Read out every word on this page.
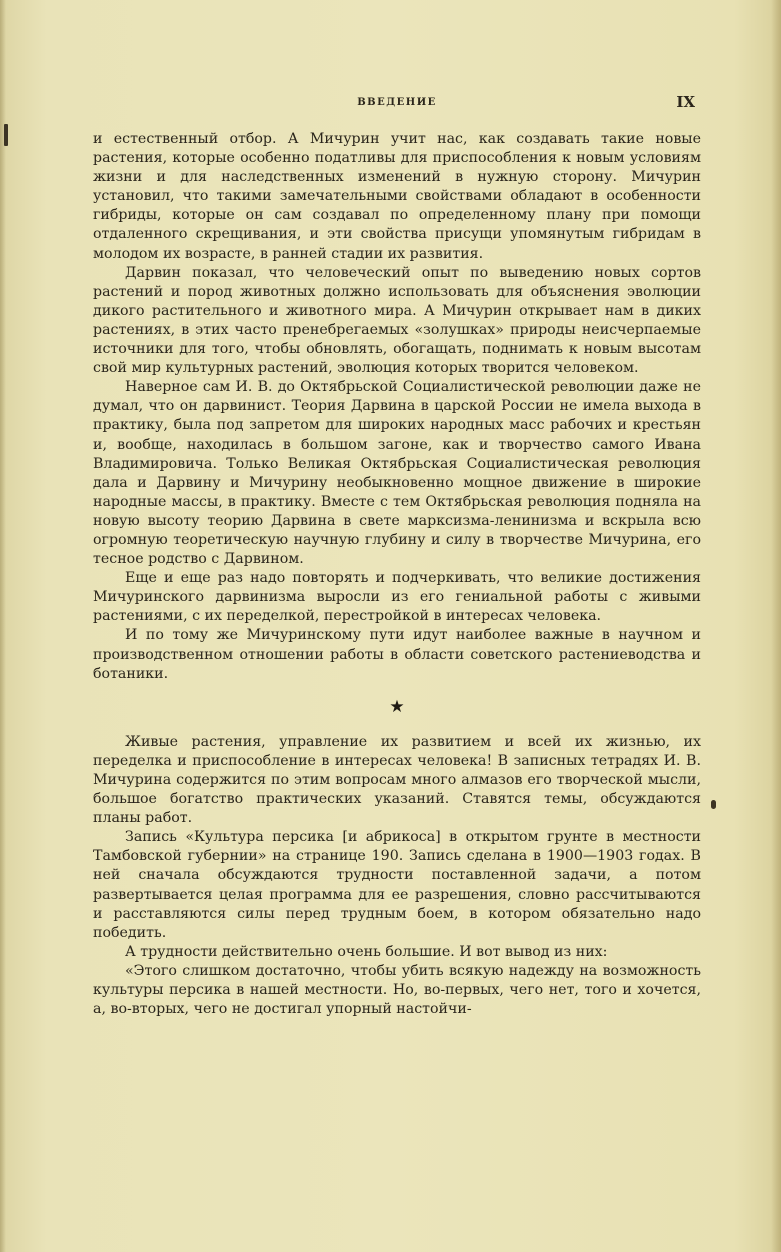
ВВЕДЕНИЕ	IX

и естественный отбор. А Мичурин учит нас, как создавать такие новые растения, которые особенно податливы для приспособления к новым условиям жизни и для наследственных изменений в нужную сторону. Мичурин установил, что такими замечательными свойствами обладают в особенности гибриды, которые он сам создавал по определенному плану при помощи отдаленного скрещивания, и эти свойства присущи упомянутым гибридам в молодом их возрасте, в ранней стадии их развития.

Дарвин показал, что человеческий опыт по выведению новых сортов растений и пород животных должно использовать для объяснения эволюции дикого растительного и животного мира. А Мичурин открывает нам в диких растениях, в этих часто пренебрегаемых «золушках» природы неисчерпаемые источники для того, чтобы обновлять, обогащать, поднимать к новым высотам свой мир культурных растений, эволюция которых творится человеком.

Наверное сам И. В. до Октябрьской Социалистической революции даже не думал, что он дарвинист. Теория Дарвина в царской России не имела выхода в практику, была под запретом для широких народных масс рабочих и крестьян и, вообще, находилась в большом загоне, как и творчество самого Ивана Владимировича. Только Великая Октябрьская Социалистическая революция дала и Дарвину и Мичурину необыкновенно мощное движение в широкие народные массы, в практику. Вместе с тем Октябрьская революция подняла на новую высоту теорию Дарвина в свете марксизма-ленинизма и вскрыла всю огромную теоретическую научную глубину и силу в творчестве Мичурина, его тесное родство с Дарвином.

Еще и еще раз надо повторять и подчеркивать, что великие достижения Мичуринского дарвинизма выросли из его гениальной работы с живыми растениями, с их переделкой, перестройкой в интересах человека.

И по тому же Мичуринскому пути идут наиболее важные в научном и производственном отношении работы в области советского растениеводства и ботаники.

★

Живые растения, управление их развитием и всей их жизнью, их переделка и приспособление в интересах человека! В записных тетрадях И. В. Мичурина содержится по этим вопросам много алмазов его творческой мысли, большое богатство практических указаний. Ставятся темы, обсуждаются планы работ.

Запись «Культура персика [и абрикоса] в открытом грунте в местности Тамбовской губернии» на странице 190. Запись сделана в 1900—1903 годах. В ней сначала обсуждаются трудности поставленной задачи, а потом развертывается целая программа для ее разрешения, словно рассчитываются и расставляются силы перед трудным боем, в котором обязательно надо победить.

А трудности действительно очень большие. И вот вывод из них:

«Этого слишком достаточно, чтобы убить всякую надежду на возможность культуры персика в нашей местности. Но, во-первых, чего нет, того и хочется, а, во-вторых, чего не достигал упорный настойчи-
